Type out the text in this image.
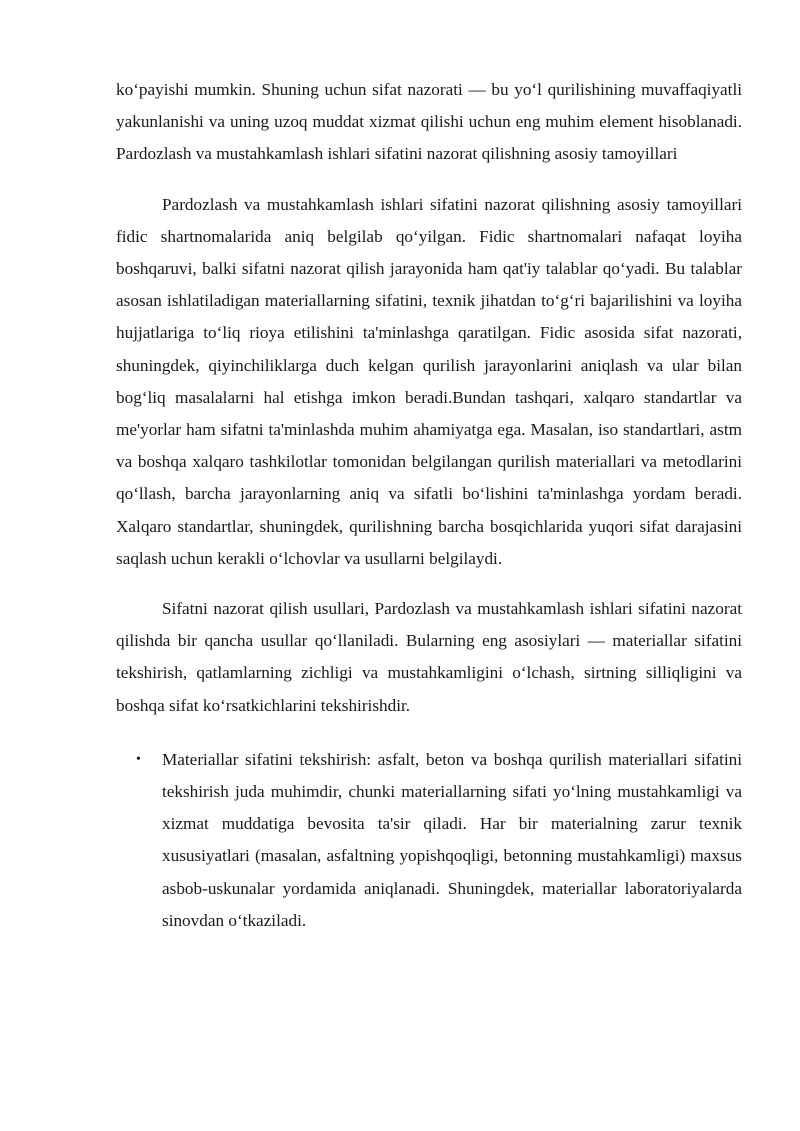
ko‘payishi mumkin. Shuning uchun sifat nazorati — bu yo‘l qurilishining muvaffaqiyatli yakunlanishi va uning uzoq muddat xizmat qilishi uchun eng muhim element hisoblanadi. Pardozlash va mustahkamlash ishlari sifatini nazorat qilishning asosiy tamoyillari

Pardozlash va mustahkamlash ishlari sifatini nazorat qilishning asosiy tamoyillari fidic shartnomalarida aniq belgilab qo‘yilgan. Fidic shartnomalari nafaqat loyiha boshqaruvi, balki sifatni nazorat qilish jarayonida ham qat'iy talablar qo‘yadi. Bu talablar asosan ishlatiladigan materiallarning sifatini, texnik jihatdan to‘g‘ri bajarilishini va loyiha hujjatlariga to‘liq rioya etilishini ta'minlashga qaratilgan. Fidic asosida sifat nazorati, shuningdek, qiyinchiliklarga duch kelgan qurilish jarayonlarini aniqlash va ular bilan bog‘liq masalalarni hal etishga imkon beradi.Bundan tashqari, xalqaro standartlar va me'yorlar ham sifatni ta'minlashda muhim ahamiyatga ega. Masalan, iso standartlari, astm va boshqa xalqaro tashkilotlar tomonidan belgilangan qurilish materiallari va metodlarini qo‘llash, barcha jarayonlarning aniq va sifatli bo‘lishini ta'minlashga yordam beradi. Xalqaro standartlar, shuningdek, qurilishning barcha bosqichlarida yuqori sifat darajasini saqlash uchun kerakli o‘lchovlar va usullarni belgilaydi.

Sifatni nazorat qilish usullari, Pardozlash va mustahkamlash ishlari sifatini nazorat qilishda bir qancha usullar qo‘llaniladi. Bularning eng asosiylari — materiallar sifatini tekshirish, qatlamlarning zichligi va mustahkamligini o‘lchash, sirtning silliqligini va boshqa sifat ko‘rsatkichlarini tekshirishdir.

• Materiallar sifatini tekshirish: asfalt, beton va boshqa qurilish materiallari sifatini tekshirish juda muhimdir, chunki materiallarning sifati yo‘lning mustahkamligi va xizmat muddatiga bevosita ta'sir qiladi. Har bir materialning zarur texnik xususiyatlari (masalan, asfaltning yopishqoqligi, betonning mustahkamligi) maxsus asbob-uskunalar yordamida aniqlanadi. Shuningdek, materiallar laboratoriyalarda sinovdan o‘tkaziladi.
